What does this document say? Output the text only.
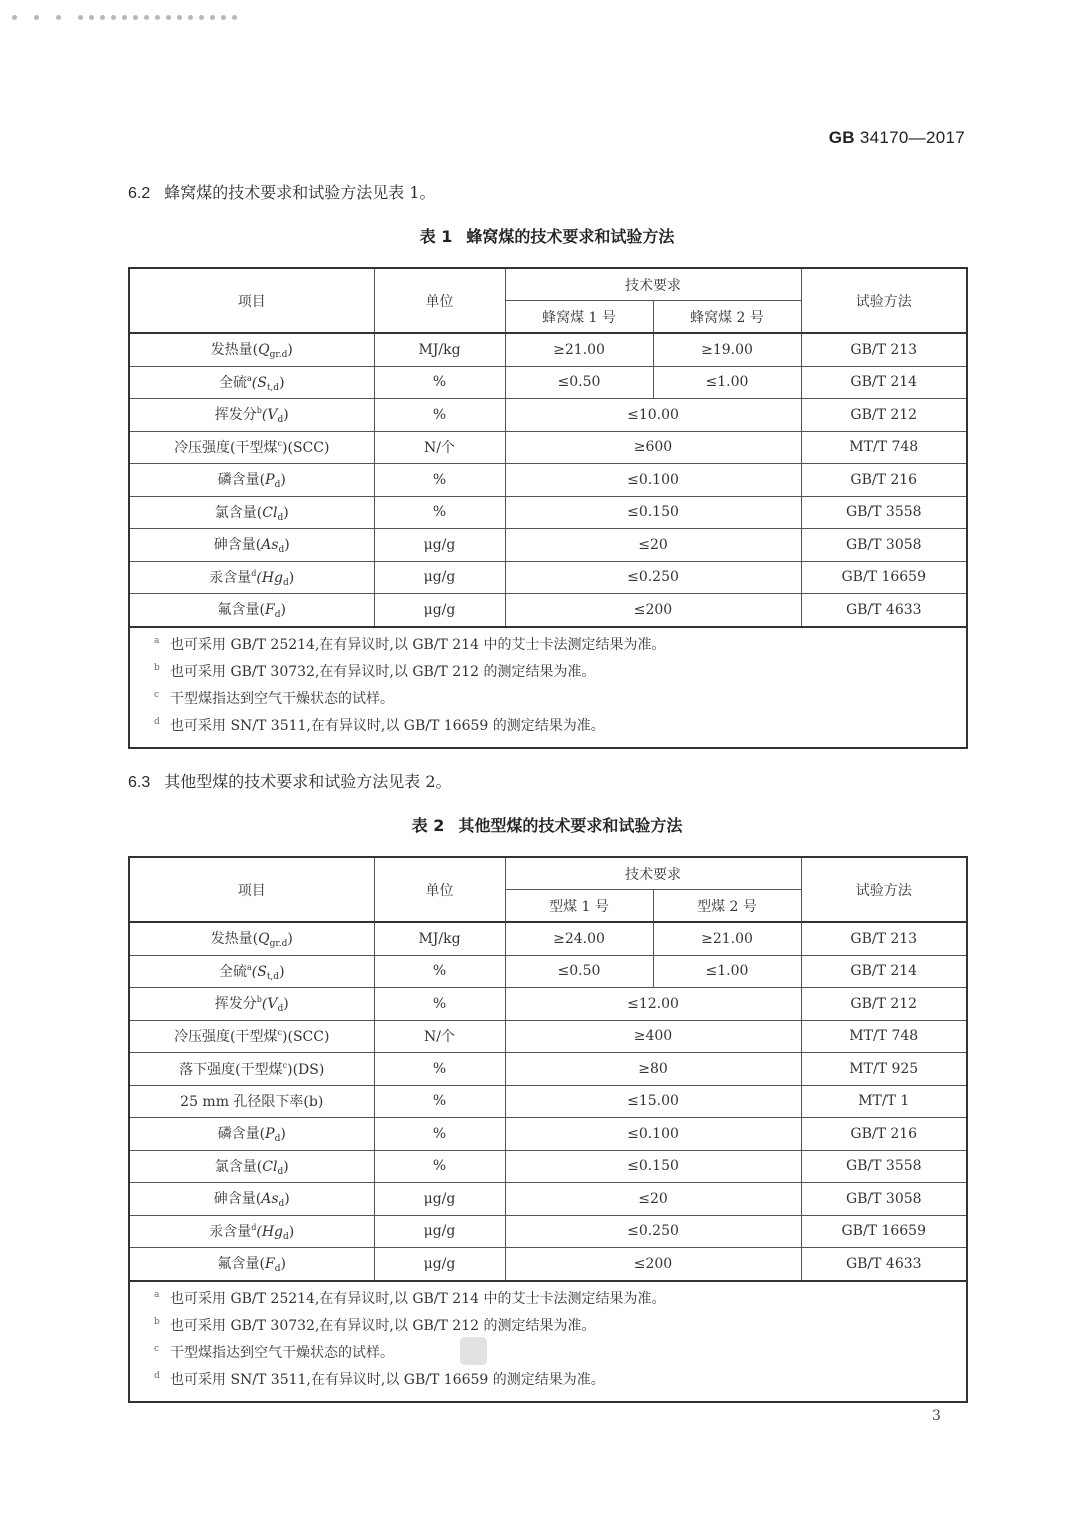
GB 34170—2017
6.2 蜂窝煤的技术要求和试验方法见表 1。
表 1 蜂窝煤的技术要求和试验方法
项目	单位	技术要求		试验方法
		蜂窝煤 1 号	蜂窝煤 2 号	
发热量$(Q_{gr.d})$	MJ/kg	≥21.00	≥19.00	GB/T 213
全硫$^a(S_{t,d})$	%	≤0.50	≤1.00	GB/T 214
挥发分$^b(V_d)$	%	≤10.00		GB/T 212
冷压强度(干型煤$^c$)(SCC)	N/个	≥600		MT/T 748
磷含量$(P_d)$	%	≤0.100		GB/T 216
氯含量$(Cl_d)$	%	≤0.150		GB/T 3558
砷含量$(As_d)$	μg/g	≤20		GB/T 3058
汞含量$^d(Hg_d)$	μg/g	≤0.250		GB/T 16659
氟含量$(F_d)$	μg/g	≤200		GB/T 4633

a 也可采用 GB/T 25214,在有异议时,以 GB/T 214 中的艾士卡法测定结果为准。
b 也可采用 GB/T 30732,在有异议时,以 GB/T 212 的测定结果为准。
c 干型煤指达到空气干燥状态的试样。
d 也可采用 SN/T 3511,在有异议时,以 GB/T 16659 的测定结果为准。
6.3 其他型煤的技术要求和试验方法见表 2。
表 2 其他型煤的技术要求和试验方法
项目	单位	技术要求		试验方法
		型煤 1 号	型煤 2 号	
发热量$(Q_{gr.d})$	MJ/kg	≥24.00	≥21.00	GB/T 213
全硫$^a(S_{t,d})$	%	≤0.50	≤1.00	GB/T 214
挥发分$^b(V_d)$	%	≤12.00		GB/T 212
冷压强度(干型煤$^c$)(SCC)	N/个	≥400		MT/T 748
落下强度(干型煤$^c$)(DS)	%	≥80		MT/T 925
25 mm 孔径限下率(b)	%	≤15.00		MT/T 1
磷含量$(P_d)$	%	≤0.100		GB/T 216
氯含量$(Cl_d)$	%	≤0.150		GB/T 3558
砷含量$(As_d)$	μg/g	≤20		GB/T 3058
汞含量$^d(Hg_d)$	μg/g	≤0.250		GB/T 16659
氟含量$(F_d)$	μg/g	≤200		GB/T 4633

a 也可采用 GB/T 25214,在有异议时,以 GB/T 214 中的艾士卡法测定结果为准。
b 也可采用 GB/T 30732,在有异议时,以 GB/T 212 的测定结果为准。
c 干型煤指达到空气干燥状态的试样。
d 也可采用 SN/T 3511,在有异议时,以 GB/T 16659 的测定结果为准。
3
